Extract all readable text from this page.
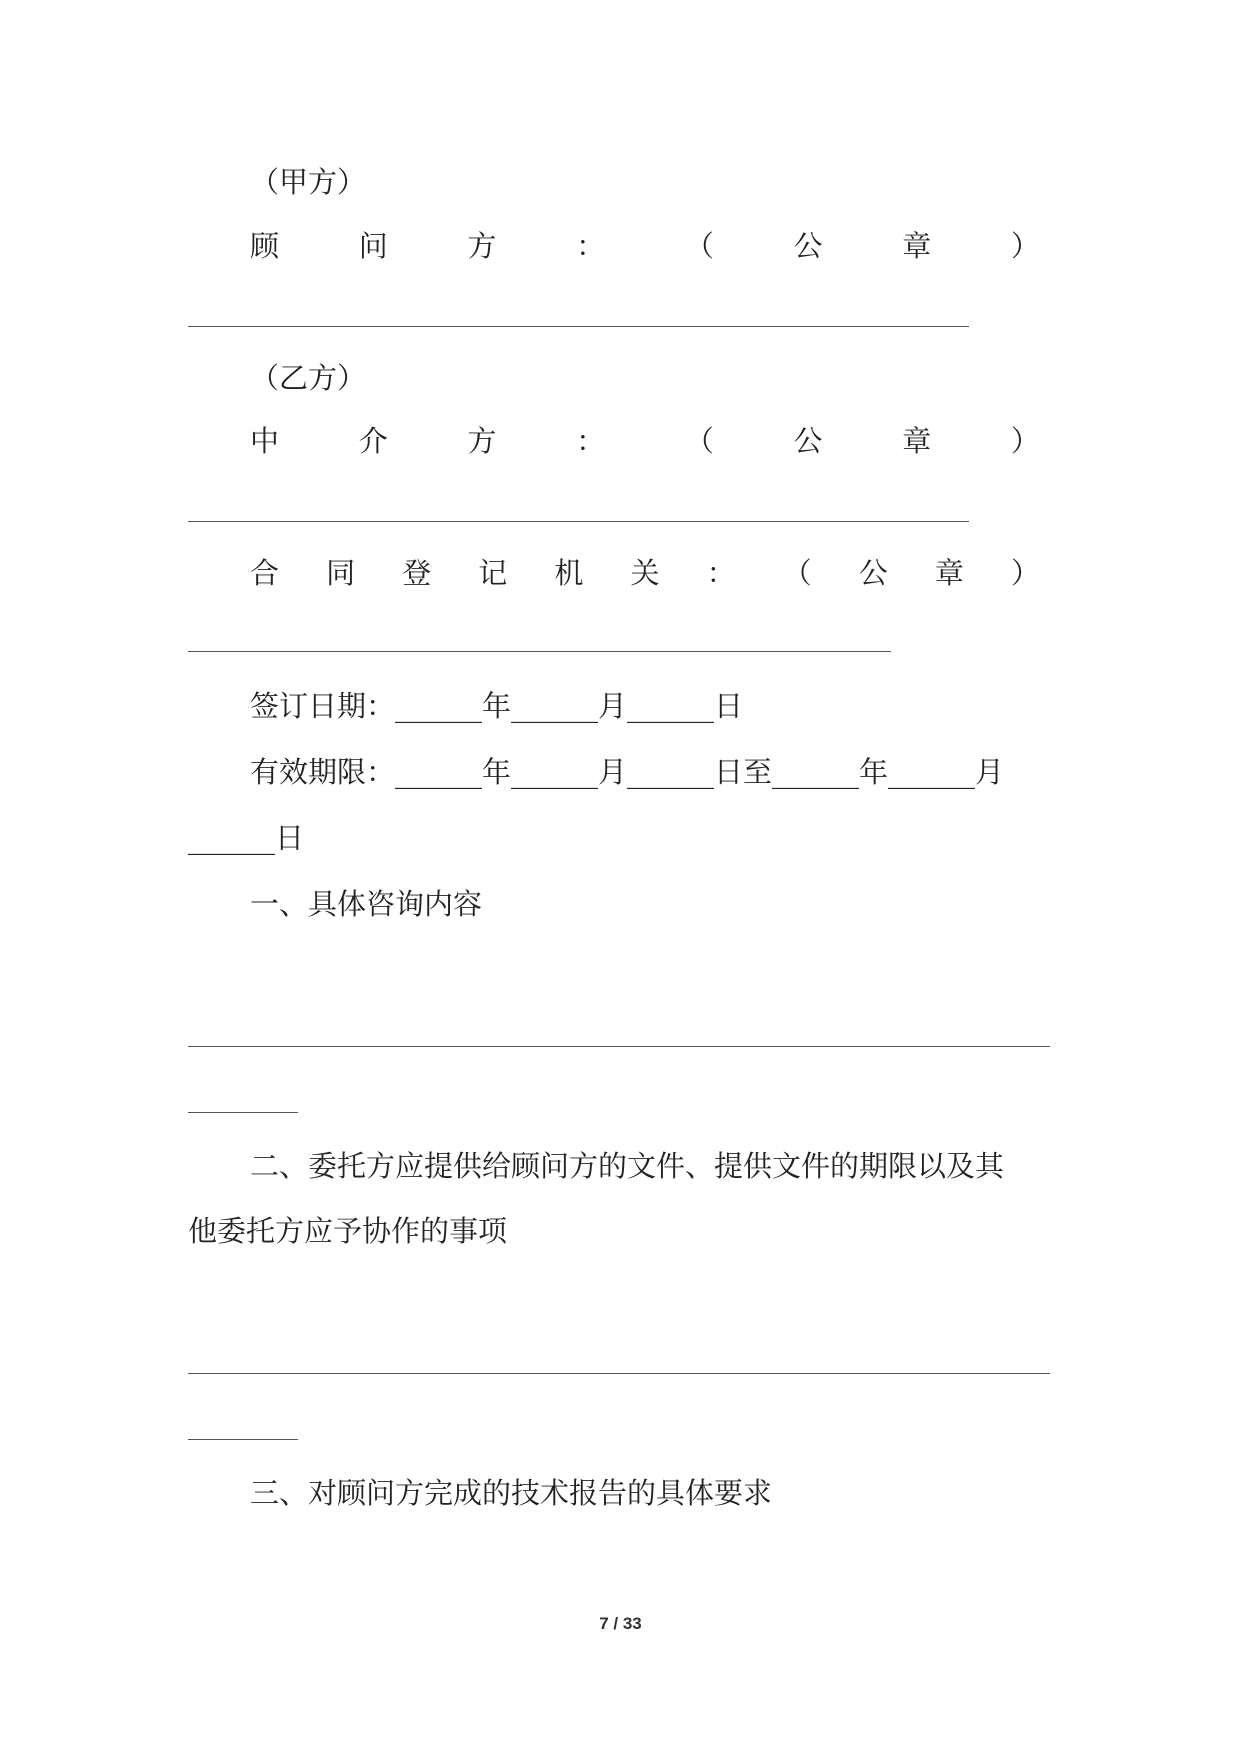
（甲方）
顾	问	方	：	（	公	章	）
（乙方）
中	介	方	：	（	公	章	）
合 同 登 记 机 关 ： （ 公 章 ）
签订日期：______年______月______日
有效期限：______年______月______日至______年______月
______日
一、具体咨询内容
二、委托方应提供给顾问方的文件、提供文件的期限以及其
他委托方应予协作的事项
三、对顾问方完成的技术报告的具体要求
7 / 33
